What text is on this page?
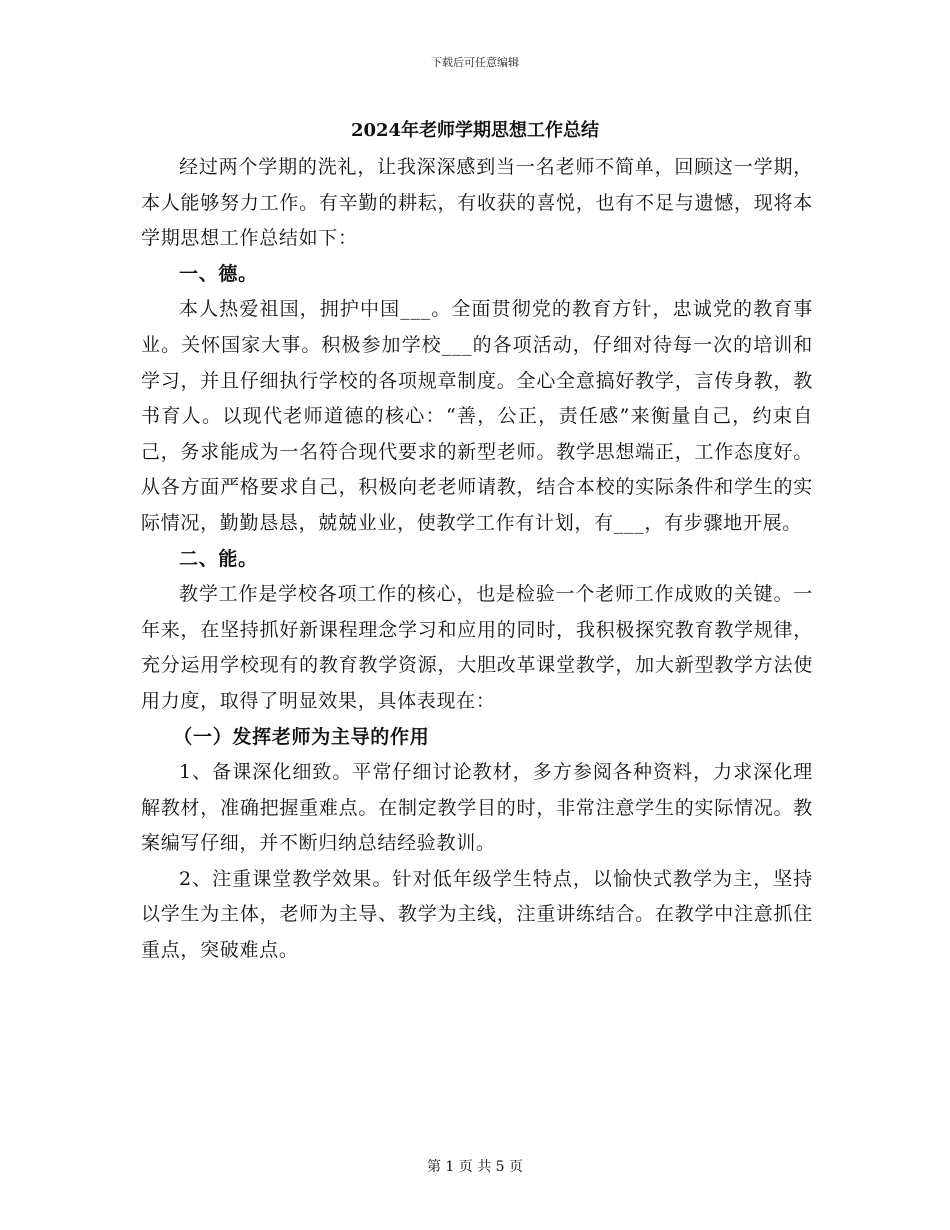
下载后可任意编辑
2024年老师学期思想工作总结

经过两个学期的洗礼，让我深深感到当一名老师不简单，回顾这一学期，本人能够努力工作。有辛勤的耕耘，有收获的喜悦，也有不足与遗憾，现将本学期思想工作总结如下：

一、德。

本人热爱祖国，拥护中国___。全面贯彻党的教育方针，忠诚党的教育事业。关怀国家大事。积极参加学校___的各项活动，仔细对待每一次的培训和学习，并且仔细执行学校的各项规章制度。全心全意搞好教学，言传身教，教书育人。以现代老师道德的核心：“善，公正，责任感”来衡量自己，约束自己，务求能成为一名符合现代要求的新型老师。教学思想端正，工作态度好。从各方面严格要求自己，积极向老老师请教，结合本校的实际条件和学生的实际情况，勤勤恳恳，兢兢业业，使教学工作有计划，有___，有步骤地开展。

二、能。

教学工作是学校各项工作的核心，也是检验一个老师工作成败的关键。一年来，在坚持抓好新课程理念学习和应用的同时，我积极探究教育教学规律，充分运用学校现有的教育教学资源，大胆改革课堂教学，加大新型教学方法使用力度，取得了明显效果，具体表现在：

（一）发挥老师为主导的作用

1、备课深化细致。平常仔细讨论教材，多方参阅各种资料，力求深化理解教材，准确把握重难点。在制定教学目的时，非常注意学生的实际情况。教案编写仔细，并不断归纳总结经验教训。

2、注重课堂教学效果。针对低年级学生特点，以愉快式教学为主，坚持以学生为主体，老师为主导、教学为主线，注重讲练结合。在教学中注意抓住重点，突破难点。

第 1 页 共 5 页
